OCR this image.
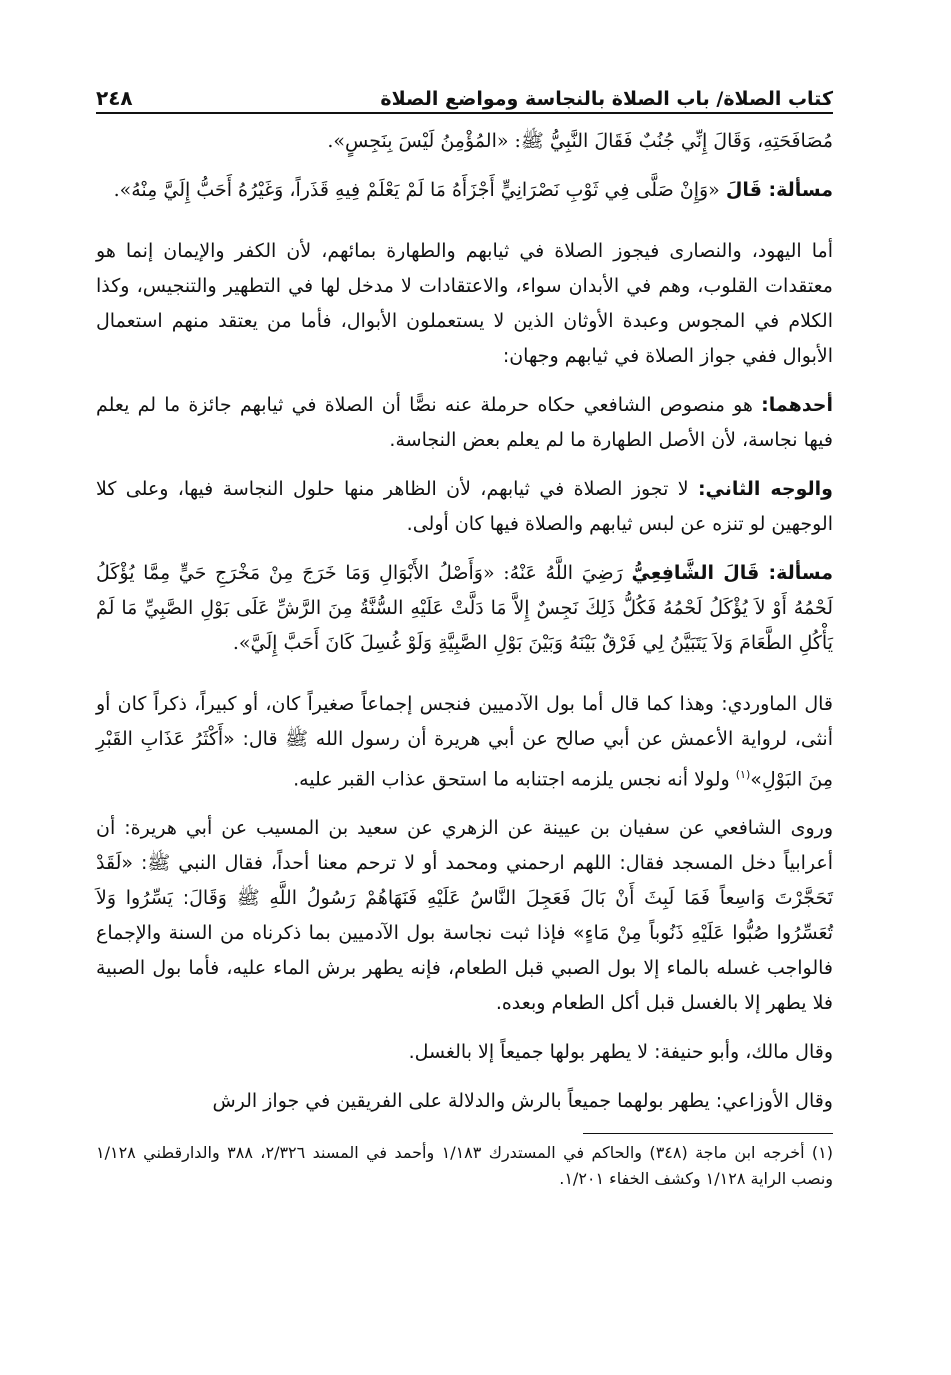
كتاب الصلاة/ باب الصلاة بالنجاسة ومواضع الصلاة
٢٤٨

مُصَافَحَتِهِ، وَقَالَ إِنِّي جُنُبٌ فَقَالَ النَّبِيُّ ﷺ: «المُؤْمِنُ لَيْسَ بِنَجِسٍ».

مسألة: قَالَ «وَإِنْ صَلَّى فِي ثَوْبِ نَصْرَانِيٍّ أَجْزَأَهُ مَا لَمْ يَعْلَمْ فِيهِ قَذَراً، وَغَيْرُهُ أَحَبُّ إِلَيَّ مِنْهُ».

أما اليهود، والنصارى فيجوز الصلاة في ثيابهم والطهارة بمائهم، لأن الكفر والإيمان إنما هو معتقدات القلوب، وهم في الأبدان سواء، والاعتقادات لا مدخل لها في التطهير والتنجيس، وكذا الكلام في المجوس وعبدة الأوثان الذين لا يستعملون الأبوال، فأما من يعتقد منهم استعمال الأبوال ففي جواز الصلاة في ثيابهم وجهان:

أحدهما: هو منصوص الشافعي حكاه حرملة عنه نصًّا أن الصلاة في ثيابهم جائزة ما لم يعلم فيها نجاسة، لأن الأصل الطهارة ما لم يعلم بعض النجاسة.

والوجه الثاني: لا تجوز الصلاة في ثيابهم، لأن الظاهر منها حلول النجاسة فيها، وعلى كلا الوجهين لو تنزه عن لبس ثيابهم والصلاة فيها كان أولى.

مسألة: قَالَ الشَّافِعِيُّ رَضِيَ اللَّهُ عَنْهُ: «وَأَصْلُ الأَبْوَالِ وَمَا خَرَجَ مِنْ مَخْرَجِ حَيٍّ مِمَّا يُؤْكَلُ لَحْمُهُ أَوْ لاَ يُؤْكَلُ لَحْمُهُ فَكُلُّ ذَلِكَ نَجِسٌ إِلاَّ مَا دَلَّتْ عَلَيْهِ السُّنَّةُ مِنَ الرَّشِّ عَلَى بَوْلِ الصَّبِيِّ مَا لَمْ يَأْكُلِ الطَّعَامَ وَلاَ يَتَبَيَّنُ لِي فَرْقٌ بَيْنَهُ وَبَيْنَ بَوْلِ الصَّبِيَّةِ وَلَوْ غُسِلَ كَانَ أَحَبَّ إِلَيَّ».

قال الماوردي: وهذا كما قال أما بول الآدميين فنجس إجماعاً صغيراً كان، أو كبيراً، ذكراً كان أو أنثى، لرواية الأعمش عن أبي صالح عن أبي هريرة أن رسول الله ﷺ قال: «أَكْثَرُ عَذَابِ القَبْرِ مِنَ البَوْلِ»$^{(١)}$ ولولا أنه نجس يلزمه اجتنابه ما استحق عذاب القبر عليه.

وروى الشافعي عن سفيان بن عيينة عن الزهري عن سعيد بن المسيب عن أبي هريرة: أن أعرابياً دخل المسجد فقال: اللهم ارحمني ومحمد أو لا ترحم معنا أحداً، فقال النبي ﷺ: «لَقَدْ تَحَجَّرْتَ وَاسِعاً فَمَا لَبِثَ أَنْ بَالَ فَعَجِلَ النَّاسُ عَلَيْهِ فَنَهَاهُمْ رَسُولُ اللَّهِ ﷺ وَقَالَ: يَسِّرُوا وَلاَ تُعَسِّرُوا صُبُّوا عَلَيْهِ ذَنُوباً مِنْ مَاءٍ» فإذا ثبت نجاسة بول الآدميين بما ذكرناه من السنة والإجماع فالواجب غسله بالماء إلا بول الصبي قبل الطعام، فإنه يطهر برش الماء عليه، فأما بول الصبية فلا يطهر إلا بالغسل قبل أكل الطعام وبعده.

وقال مالك، وأبو حنيفة: لا يطهر بولها جميعاً إلا بالغسل.

وقال الأوزاعي: يطهر بولهما جميعاً بالرش والدلالة على الفريقين في جواز الرش

(١) أخرجه ابن ماجة (٣٤٨) والحاكم في المستدرك ١/١٨٣ وأحمد في المسند ٢/٣٢٦، ٣٨٨ والدارقطني ١/١٢٨ ونصب الراية ١/١٢٨ وكشف الخفاء ١/٢٠١.
